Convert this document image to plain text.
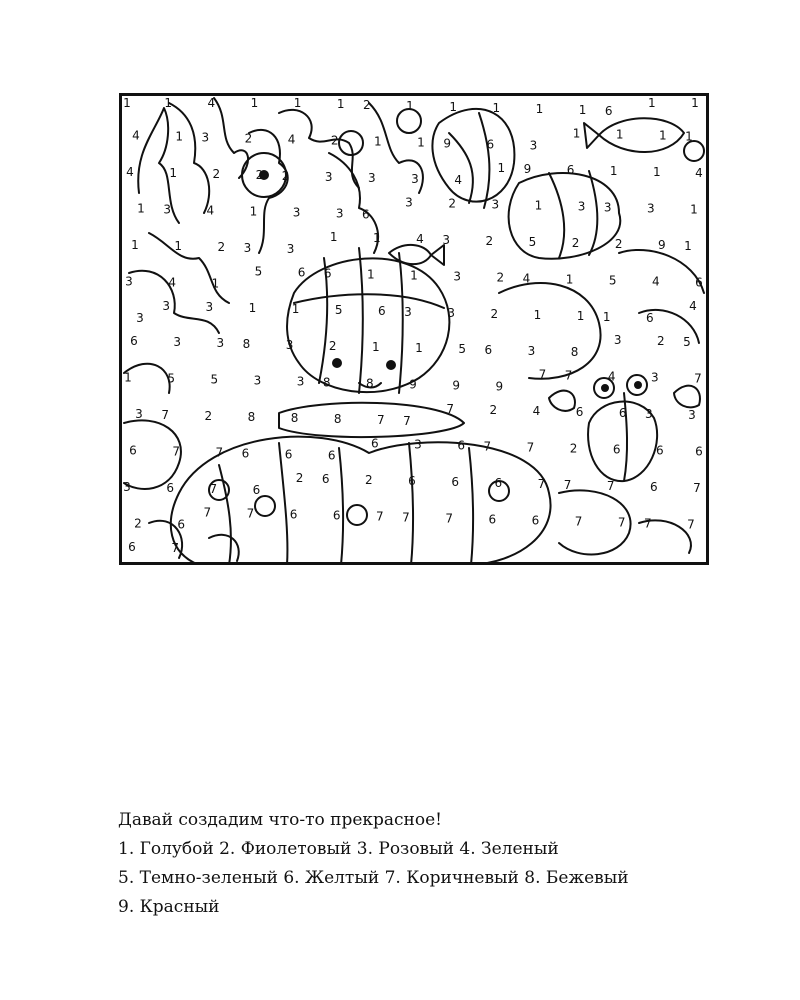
1	1	4	1	1	1 2	1	1	1	1	1 6
1	1
4	1 3	2	4	2	1	1 9	6	3
1	1	1 1
4	1	2	2 2	3	3	3	4
1 9	6	1	1	4
1 3	4	1	3	3 6
3	2	3	1	3 3	3	1
1	1	2 3	3
1	1	4 3	2	5	2	2	9 1
3	4	1
5	6 6	1	1	3	2 4	1	5	4	6
3
3	3	1	1	5	6 3	3	2	1	1 1	6
4
6	3	3 8	3	2	1	1	5 6	3	8
3	2 5
1	5	5	3	3 8	8	9	9	9
7 7	4	3	7
3 7	2	8	8	8	7 7
7	2	4	6	6 3	3
6	7	7 6	6	6
6	3	6 7	7	2	6	6	6
3	6	7	6
2 6	2	6	6	6	7 7	7	6	7
2	6
7	7	6	6	7 7	7	6	6	7	7 7	7
6	7
Давай создадим что-то прекрасное!
1. Голубой 2. Фиолетовый 3. Розовый 4. Зеленый
5. Темно-зеленый 6. Желтый 7. Коричневый 8. Бежевый
9. Красный
